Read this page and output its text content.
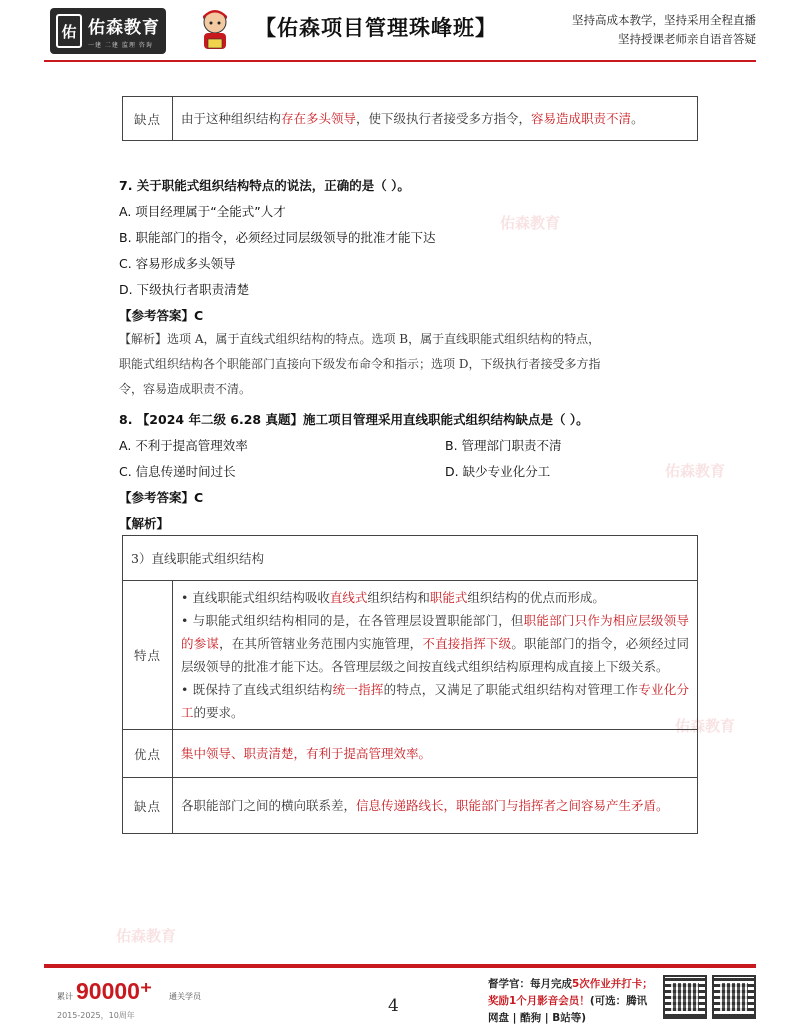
佑 佑森教育
一建 二建 监理 咨询
【佑森项目管理珠峰班】	坚持高成本教学，坚持采用全程直播
坚持授课老师亲自语音答疑
佑森教育
佑森教育
佑森教育
佑森教育
缺点	由于这种组织结构存在多头领导，使下级执行者接受多方指令，容易造成职责不清。
7. 关于职能式组织结构特点的说法，正确的是（ ）。
A. 项目经理属于“全能式”人才
B. 职能部门的指令，必须经过同层级领导的批准才能下达
C. 容易形成多头领导
D. 下级执行者职责清楚
【参考答案】C
【解析】选项 A，属于直线式组织结构的特点。选项 B，属于直线职能式组织结构的特点，
职能式组织结构各个职能部门直接向下级发布命令和指示；选项 D，下级执行者接受多方指
令，容易造成职责不清。
8. 【2024 年二级 6.28 真题】施工项目管理采用直线职能式组织结构缺点是（ ）。
A. 不利于提高管理效率	B. 管理部门职责不清
C. 信息传递时间过长	D. 缺少专业化分工
【参考答案】C
【解析】
3）直线职能式组织结构	
特点	• 直线职能式组织结构吸收直线式组织结构和职能式组织结构的优点而形成。
• 与职能式组织结构相同的是，在各管理层设置职能部门，但职能部门只作为相应层级领导的参谋，在其所管辖业务范围内实施管理，不直接指挥下级。职能部门的指令，必须经过同层级领导的批准才能下达。各管理层级之间按直线式组织结构原理构成直接上下级关系。
• 既保持了直线式组织结构统一指挥的特点，又满足了职能式组织结构对管理工作专业化分工的要求。

优点	集中领导、职责清楚，有利于提高管理效率。
缺点	各职能部门之间的横向联系差，信息传递路线长，职能部门与指挥者之间容易产生矛盾。
累计 90000⁺ 通关学员
2015-2025，10周年	4
督学官：每月完成5次作业并打卡；
奖励1个月影音会员！(可选：腾讯
网盘 | 酷狗 | B站等)
